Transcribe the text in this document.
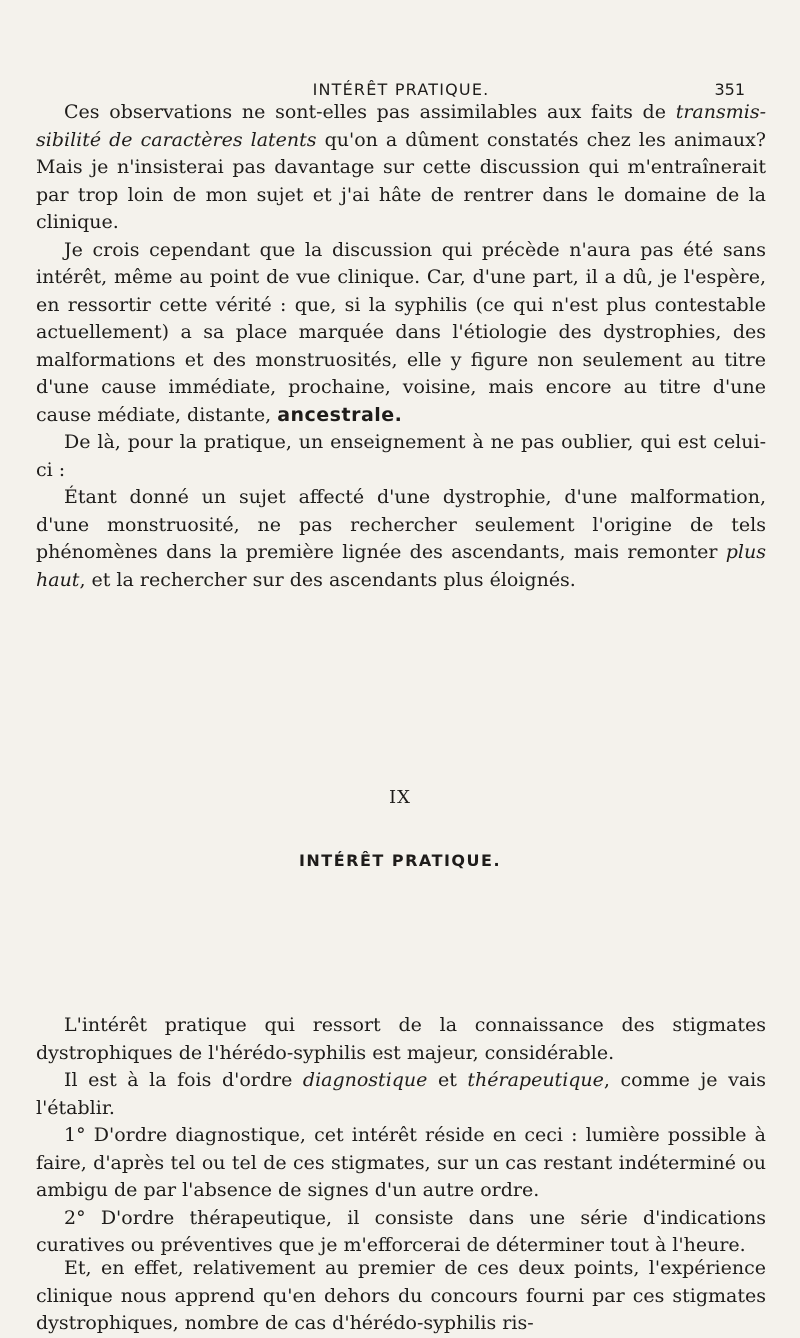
INTÉRÊT PRATIQUE.	351

Ces observations ne sont-elles pas assimilables aux faits de transmis-sibilité de caractères latents qu'on a dûment constatés chez les animaux? Mais je n'insisterai pas davantage sur cette discussion qui m'entraînerait par trop loin de mon sujet et j'ai hâte de rentrer dans le domaine de la clinique.

Je crois cependant que la discussion qui précède n'aura pas été sans intérêt, même au point de vue clinique. Car, d'une part, il a dû, je l'espère, en ressortir cette vérité : que, si la syphilis (ce qui n'est plus contestable actuellement) a sa place marquée dans l'étiologie des dystrophies, des malformations et des monstruosités, elle y figure non seulement au titre d'une cause immédiate, prochaine, voisine, mais encore au titre d'une cause médiate, distante, ancestrale.

De là, pour la pratique, un enseignement à ne pas oublier, qui est celui-ci :

Étant donné un sujet affecté d'une dystrophie, d'une malformation, d'une monstruosité, ne pas rechercher seulement l'origine de tels phénomènes dans la première lignée des ascendants, mais remonter plus haut, et la rechercher sur des ascendants plus éloignés.

IX
INTÉRÊT PRATIQUE.

L'intérêt pratique qui ressort de la connaissance des stigmates dystrophiques de l'hérédo-syphilis est majeur, considérable.

Il est à la fois d'ordre diagnostique et thérapeutique, comme je vais l'établir.

1° D'ordre diagnostique, cet intérêt réside en ceci : lumière possible à faire, d'après tel ou tel de ces stigmates, sur un cas restant indéterminé ou ambigu de par l'absence de signes d'un autre ordre.

2° D'ordre thérapeutique, il consiste dans une série d'indications curatives ou préventives que je m'efforcerai de déterminer tout à l'heure.

Et, en effet, relativement au premier de ces deux points, l'expérience clinique nous apprend qu'en dehors du concours fourni par ces stigmates dystrophiques, nombre de cas d'hérédo-syphilis ris-
